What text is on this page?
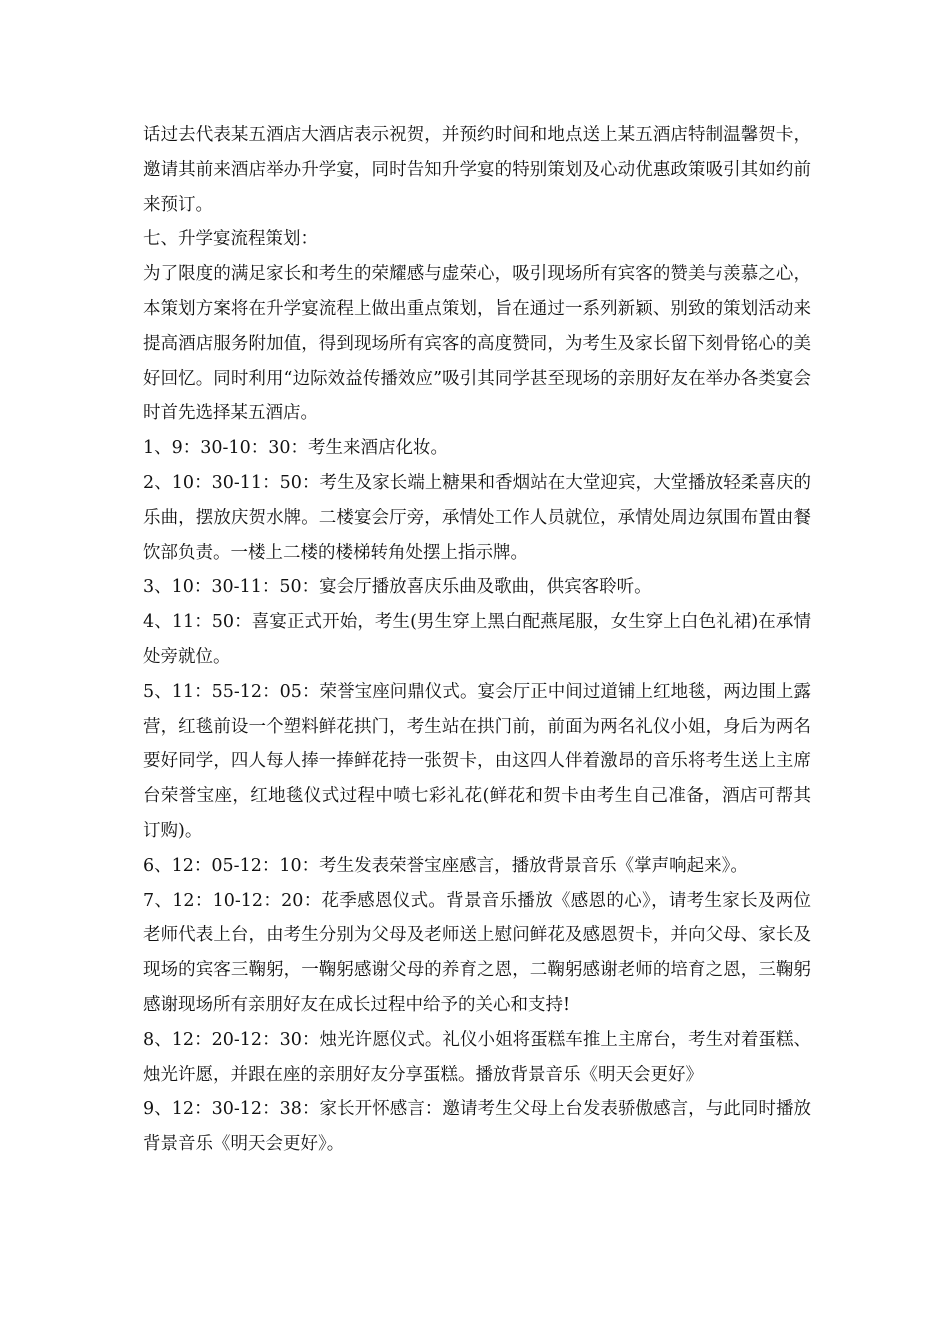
话过去代表某五酒店大酒店表示祝贺，并预约时间和地点送上某五酒店特制温馨贺卡，邀请其前来酒店举办升学宴，同时告知升学宴的特别策划及心动优惠政策吸引其如约前来预订。

七、升学宴流程策划：

为了限度的满足家长和考生的荣耀感与虚荣心，吸引现场所有宾客的赞美与羡慕之心，本策划方案将在升学宴流程上做出重点策划，旨在通过一系列新颖、别致的策划活动来提高酒店服务附加值，得到现场所有宾客的高度赞同，为考生及家长留下刻骨铭心的美好回忆。同时利用“边际效益传播效应”吸引其同学甚至现场的亲朋好友在举办各类宴会时首先选择某五酒店。

1、9：30-10：30：考生来酒店化妆。

2、10：30-11：50：考生及家长端上糖果和香烟站在大堂迎宾，大堂播放轻柔喜庆的乐曲，摆放庆贺水牌。二楼宴会厅旁，承情处工作人员就位，承情处周边氛围布置由餐饮部负责。一楼上二楼的楼梯转角处摆上指示牌。

3、10：30-11：50：宴会厅播放喜庆乐曲及歌曲，供宾客聆听。

4、11：50：喜宴正式开始，考生(男生穿上黑白配燕尾服，女生穿上白色礼裙)在承情处旁就位。

5、11：55-12：05：荣誉宝座问鼎仪式。宴会厅正中间过道铺上红地毯，两边围上露营，红毯前设一个塑料鲜花拱门，考生站在拱门前，前面为两名礼仪小姐，身后为两名要好同学，四人每人捧一捧鲜花持一张贺卡，由这四人伴着激昂的音乐将考生送上主席台荣誉宝座，红地毯仪式过程中喷七彩礼花(鲜花和贺卡由考生自己准备，酒店可帮其订购)。

6、12：05-12：10：考生发表荣誉宝座感言，播放背景音乐《掌声响起来》。

7、12：10-12：20：花季感恩仪式。背景音乐播放《感恩的心》，请考生家长及两位老师代表上台，由考生分别为父母及老师送上慰问鲜花及感恩贺卡，并向父母、家长及现场的宾客三鞠躬，一鞠躬感谢父母的养育之恩，二鞠躬感谢老师的培育之恩，三鞠躬感谢现场所有亲朋好友在成长过程中给予的关心和支持!

8、12：20-12：30：烛光许愿仪式。礼仪小姐将蛋糕车推上主席台，考生对着蛋糕、烛光许愿，并跟在座的亲朋好友分享蛋糕。播放背景音乐《明天会更好》

9、12：30-12：38：家长开怀感言：邀请考生父母上台发表骄傲感言，与此同时播放背景音乐《明天会更好》。
